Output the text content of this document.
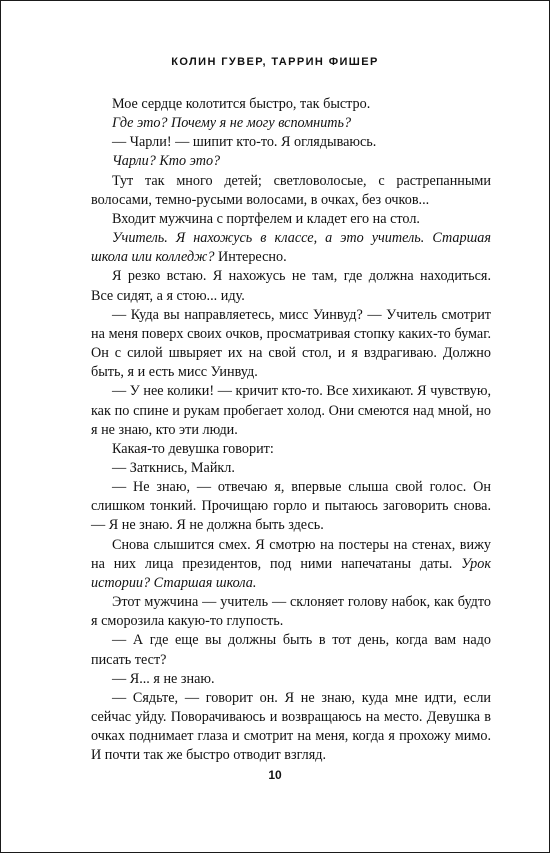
КОЛИН ГУВЕР, ТАРРИН ФИШЕР

Мое сердце колотится быстро, так быстро.

Где это? Почему я не могу вспомнить?

— Чарли! — шипит кто-то. Я оглядываюсь.

Чарли? Кто это?

Тут так много детей; светловолосые, с растрепанными волосами, темно-русыми волосами, в очках, без очков...

Входит мужчина с портфелем и кладет его на стол.

Учитель. Я нахожусь в классе, а это учитель. Старшая школа или колледж? Интересно.

Я резко встаю. Я нахожусь не там, где должна находиться. Все сидят, а я стою... иду.

— Куда вы направляетесь, мисс Уинвуд? — Учитель смотрит на меня поверх своих очков, просматривая стопку каких-то бумаг. Он с силой швыряет их на свой стол, и я вздрагиваю. Должно быть, я и есть мисс Уинвуд.

— У нее колики! — кричит кто-то. Все хихикают. Я чувствую, как по спине и рукам пробегает холод. Они смеются над мной, но я не знаю, кто эти люди.

Какая-то девушка говорит:

— Заткнись, Майкл.

— Не знаю, — отвечаю я, впервые слыша свой голос. Он слишком тонкий. Прочищаю горло и пытаюсь заговорить снова. — Я не знаю. Я не должна быть здесь.

Снова слышится смех. Я смотрю на постеры на стенах, вижу на них лица президентов, под ними напечатаны даты. Урок истории? Старшая школа.

Этот мужчина — учитель — склоняет голову набок, как будто я сморозила какую-то глупость.

— А где еще вы должны быть в тот день, когда вам надо писать тест?

— Я... я не знаю.

— Сядьте, — говорит он. Я не знаю, куда мне идти, если сейчас уйду. Поворачиваюсь и возвращаюсь на место. Девушка в очках поднимает глаза и смотрит на меня, когда я прохожу мимо. И почти так же быстро отводит взгляд.

10
